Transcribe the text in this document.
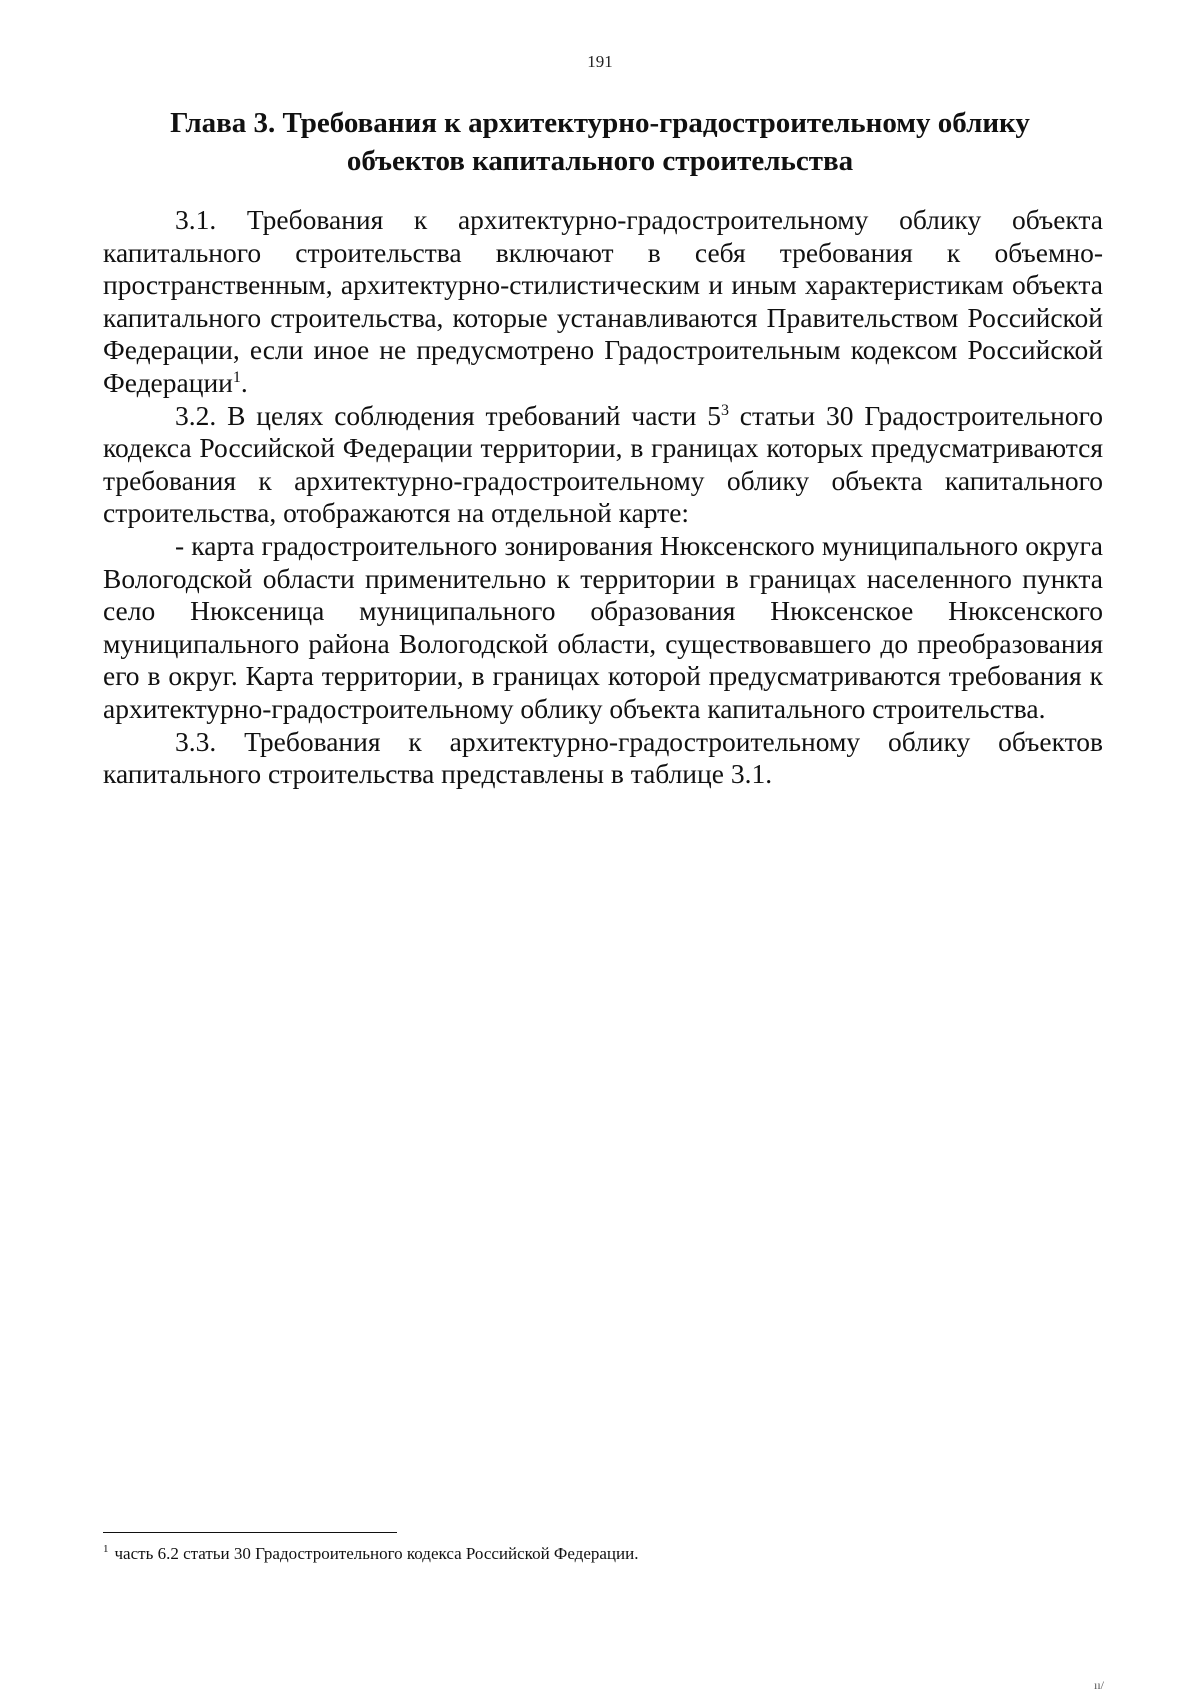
191
Глава 3. Требования к архитектурно-градостроительному облику
объектов капитального строительства

3.1. Требования к архитектурно-градостроительному облику объекта капитального строительства включают в себя требования к объемно-пространственным, архитектурно-стилистическим и иным характеристикам объекта капитального строительства, которые устанавливаются Правительством Российской Федерации, если иное не предусмотрено Градостроительным кодексом Российской Федерации$^1$.

3.2. В целях соблюдения требований части $5^3$ статьи 30 Градостроительного кодекса Российской Федерации территории, в границах которых предусматриваются требования к архитектурно-градостроительному облику объекта капитального строительства, отображаются на отдельной карте:

- карта градостроительного зонирования Нюксенского муниципального округа Вологодской области применительно к территории в границах населенного пункта село Нюксеница муниципального образования Нюксенское Нюксенского муниципального района Вологодской области, существовавшего до преобразования его в округ. Карта территории, в границах которой предусматриваются требования к архитектурно-градостроительному облику объекта капитального строительства.

3.3. Требования к архитектурно-градостроительному облику объектов капитального строительства представлены в таблице 3.1.

$^1$ часть 6.2 статьи 30 Градостроительного кодекса Российской Федерации.
ıı/
